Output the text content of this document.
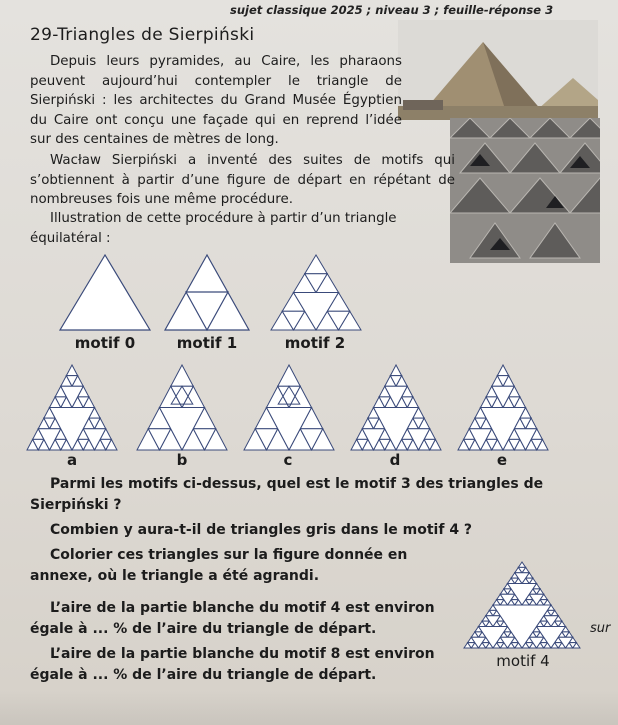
sujet classique 2025 ; niveau 3 ; feuille-réponse 3
29-Triangles de Sierpiński
Depuis leurs pyramides, au Caire, les pharaons peuvent aujourd’hui contempler le triangle de Sierpiński : les architectes du Grand Musée Égyptien du Caire ont conçu une façade qui en reprend l’idée sur des centaines de mètres de long.
Wacław Sierpiński a inventé des suites de motifs qui s’obtiennent à partir d’une figure de départ en répétant de nombreuses fois une même procédure.
Illustration de cette procédure à partir d’un triangle équilatéral :
motif 0	motif 1	motif 2
a	b	c	d	e
Parmi les motifs ci-dessus, quel est le motif 3 des triangles de Sierpiński ?
Combien y aura-t-il de triangles gris dans le motif 4 ?
Colorier ces triangles sur la figure donnée en annexe, où le triangle a été agrandi.
L’aire de la partie blanche du motif 4 est environ égale à ... % de l’aire du triangle de départ.
L’aire de la partie blanche du motif 8 est environ égale à ... % de l’aire du triangle de départ.
motif 4
sur
